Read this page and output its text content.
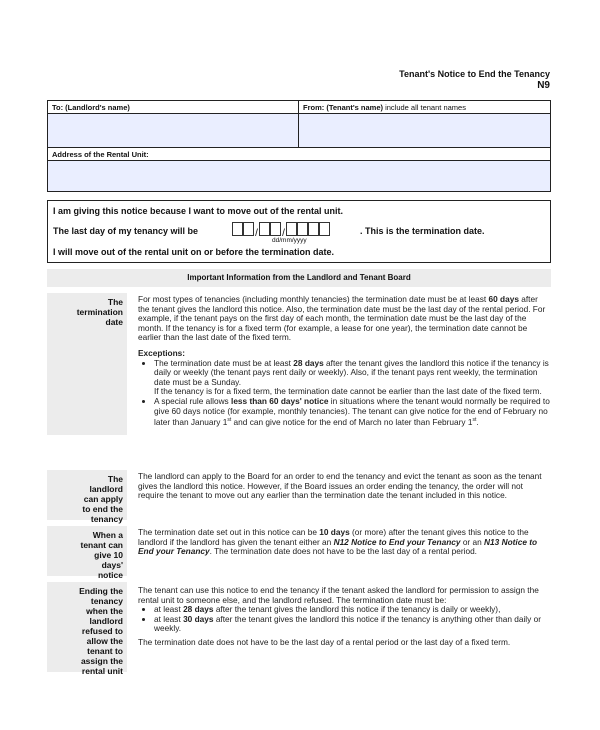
Tenant's Notice to End the Tenancy
N9
To: (Landlord's name)	From: (Tenant's name) include all tenant names
Address of the Rental Unit:
I am giving this notice because I want to move out of the rental unit.
The last day of my tenancy will be	/ /	. This is the termination date.
dd/mm/yyyy
I will move out of the rental unit on or before the termination date.
Important Information from the Landlord and Tenant Board
The
termination
date

For most types of tenancies (including monthly tenancies) the termination date must be at least 60 days after the tenant gives the landlord this notice. Also, the termination date must be the last day of the rental period. For example, if the tenant pays on the first day of each month, the termination date must be the last day of the month. If the tenancy is for a fixed term (for example, a lease for one year), the termination date cannot be earlier than the last date of the fixed term.

Exceptions:

• The termination date must be at least 28 days after the tenant gives the landlord this notice if the tenancy is daily or weekly (the tenant pays rent daily or weekly). Also, if the tenant pays rent weekly, the termination date must be a Sunday.
If the tenancy is for a fixed term, the termination date cannot be earlier than the last date of the fixed term.
• A special rule allows less than 60 days' notice in situations where the tenant would normally be required to give 60 days notice (for example, monthly tenancies). The tenant can give notice for the end of February no later than January 1st and can give notice for the end of March no later than February 1st.
The
landlord
can apply
to end the
tenancy

The landlord can apply to the Board for an order to end the tenancy and evict the tenant as soon as the tenant gives the landlord this notice. However, if the Board issues an order ending the tenancy, the order will not require the tenant to move out any earlier than the termination date the tenant included in this notice.

When a
tenant can
give 10
days'
notice

The termination date set out in this notice can be 10 days (or more) after the tenant gives this notice to the landlord if the landlord has given the tenant either an N12 Notice to End your Tenancy or an N13 Notice to End your Tenancy. The termination date does not have to be the last day of a rental period.

Ending the
tenancy
when the
landlord
refused to
allow the
tenant to
assign the
rental unit

The tenant can use this notice to end the tenancy if the tenant asked the landlord for permission to assign the rental unit to someone else, and the landlord refused. The termination date must be:

• at least 28 days after the tenant gives the landlord this notice if the tenancy is daily or weekly),
• at least 30 days after the tenant gives the landlord this notice if the tenancy is anything other than daily or weekly.

The termination date does not have to be the last day of a rental period or the last day of a fixed term.
